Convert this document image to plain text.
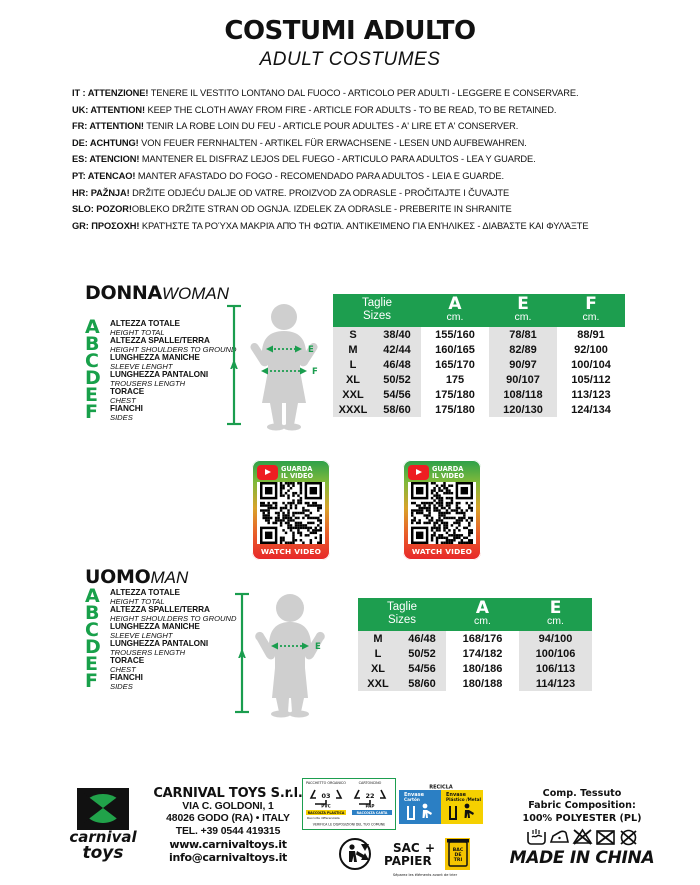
COSTUMI ADULTO
ADULT COSTUMES
IT : ATTENZIONE! TENERE IL VESTITO LONTANO DAL FUOCO - ARTICOLO PER ADULTI - LEGGERE E CONSERVARE.
UK: ATTENTION! KEEP THE CLOTH AWAY FROM FIRE - ARTICLE FOR ADULTS - TO BE READ, TO BE RETAINED.
FR: ATTENTION! TENIR LA ROBE LOIN DU FEU - ARTICLE POUR ADULTES - A' LIRE ET A' CONSERVER.
DE: ACHTUNG! VON FEUER FERNHALTEN - ARTIKEL FÜR ERWACHSENE - LESEN UND AUFBEWAHREN.
ES: ATENCION! MANTENER EL DISFRAZ LEJOS DEL FUEGO - ARTICULO PARA ADULTOS - LEA Y GUARDE.
PT: ATENCAO! MANTER AFASTADO DO FOGO - RECOMENDADO PARA ADULTOS - LEIA E GUARDE.
HR: PAŽNJA! DRŽITE ODJEĆU DALJE OD VATRE. PROIZVOD ZA ODRASLE - PROČITAJTE I ČUVAJTE
SLO: POZOR!OBLEKO DRŽITE STRAN OD OGNJA. IZDELEK ZA ODRASLE - PREBERITE IN SHRANITE
GR: ΠΡΟΣΟΧΗ! ΚΡΑΤΉΣΤΕ ΤΑ ΡΟΎΧΑ ΜΑΚΡΙΆ ΑΠΌ ΤΗ ΦΩΤΙΆ. ΑΝΤΙΚΕΊΜΕΝΟ ΓΙΑ ΕΝΉΛΙΚΕΣ - ΔΙΑΒΆΣΤΕ ΚΑΙ ΦΥΛΆΞΤΕ
DONNAWOMAN
A	ALTEZZA TOTALE
HEIGHT TOTAL
B	ALTEZZA SPALLE/TERRA
HEIGHT SHOULDERS TO GROUND
C	LUNGHEZZA MANICHE
SLEEVE LENGHT
D	LUNGHEZZA PANTALONI
TROUSERS LENGTH
E	TORACE
CHEST
F	FIANCHI
SIDES
A
E
F
Taglie
Sizes

A
cm.

E
cm.

F
cm.

S	38/40	155/160	78/81	88/91
M	42/44	160/165	82/89	92/100
L	46/48	165/170	90/97	100/104
XL	50/52	175	90/107	105/112
XXL	54/56	175/180	108/118	113/123
XXXL	58/60	175/180	120/130	124/134
GUARDA
IL VIDEO
WATCH VIDEO
GUARDA
IL VIDEO
WATCH VIDEO
UOMOMAN
A	ALTEZZA TOTALE
HEIGHT TOTAL
B	ALTEZZA SPALLE/TERRA
HEIGHT SHOULDERS TO GROUND
C	LUNGHEZZA MANICHE
SLEEVE LENGHT
D	LUNGHEZZA PANTALONI
TROUSERS LENGTH
E	TORACE
CHEST
F	FIANCHI
SIDES
A
E
Taglie
Sizes

A
cm.

E
cm.

M	46/48	168/176	94/100
L	50/52	174/182	100/106
XL	54/56	180/186	106/113
XXL	58/60	180/188	114/123
carnival
toys
CARNIVAL TOYS S.r.l.
VIA C. GOLDONI, 1
48026 GODO (RA) • ITALY
TEL. +39 0544 419315
www.carnivaltoys.it
info@carnivaltoys.it
PACCHETTO ORGANICO	CARTONCINO
03
PVC
22
PAP
RACCOLTA PLASTICA
Raccolta differenziata
RACCOLTA CARTA
VERIFICA LE DISPOSIZIONI DEL TUO COMUNE
RECICLA
Envase
Cartón
Envase
Plástico /Metal
SAC +
PAPIER
BAC
DE
TRI
Séparez les éléments avant de trier
Comp. Tessuto
Fabric Composition:
100% POLYESTER (PL)
MADE IN CHINA
